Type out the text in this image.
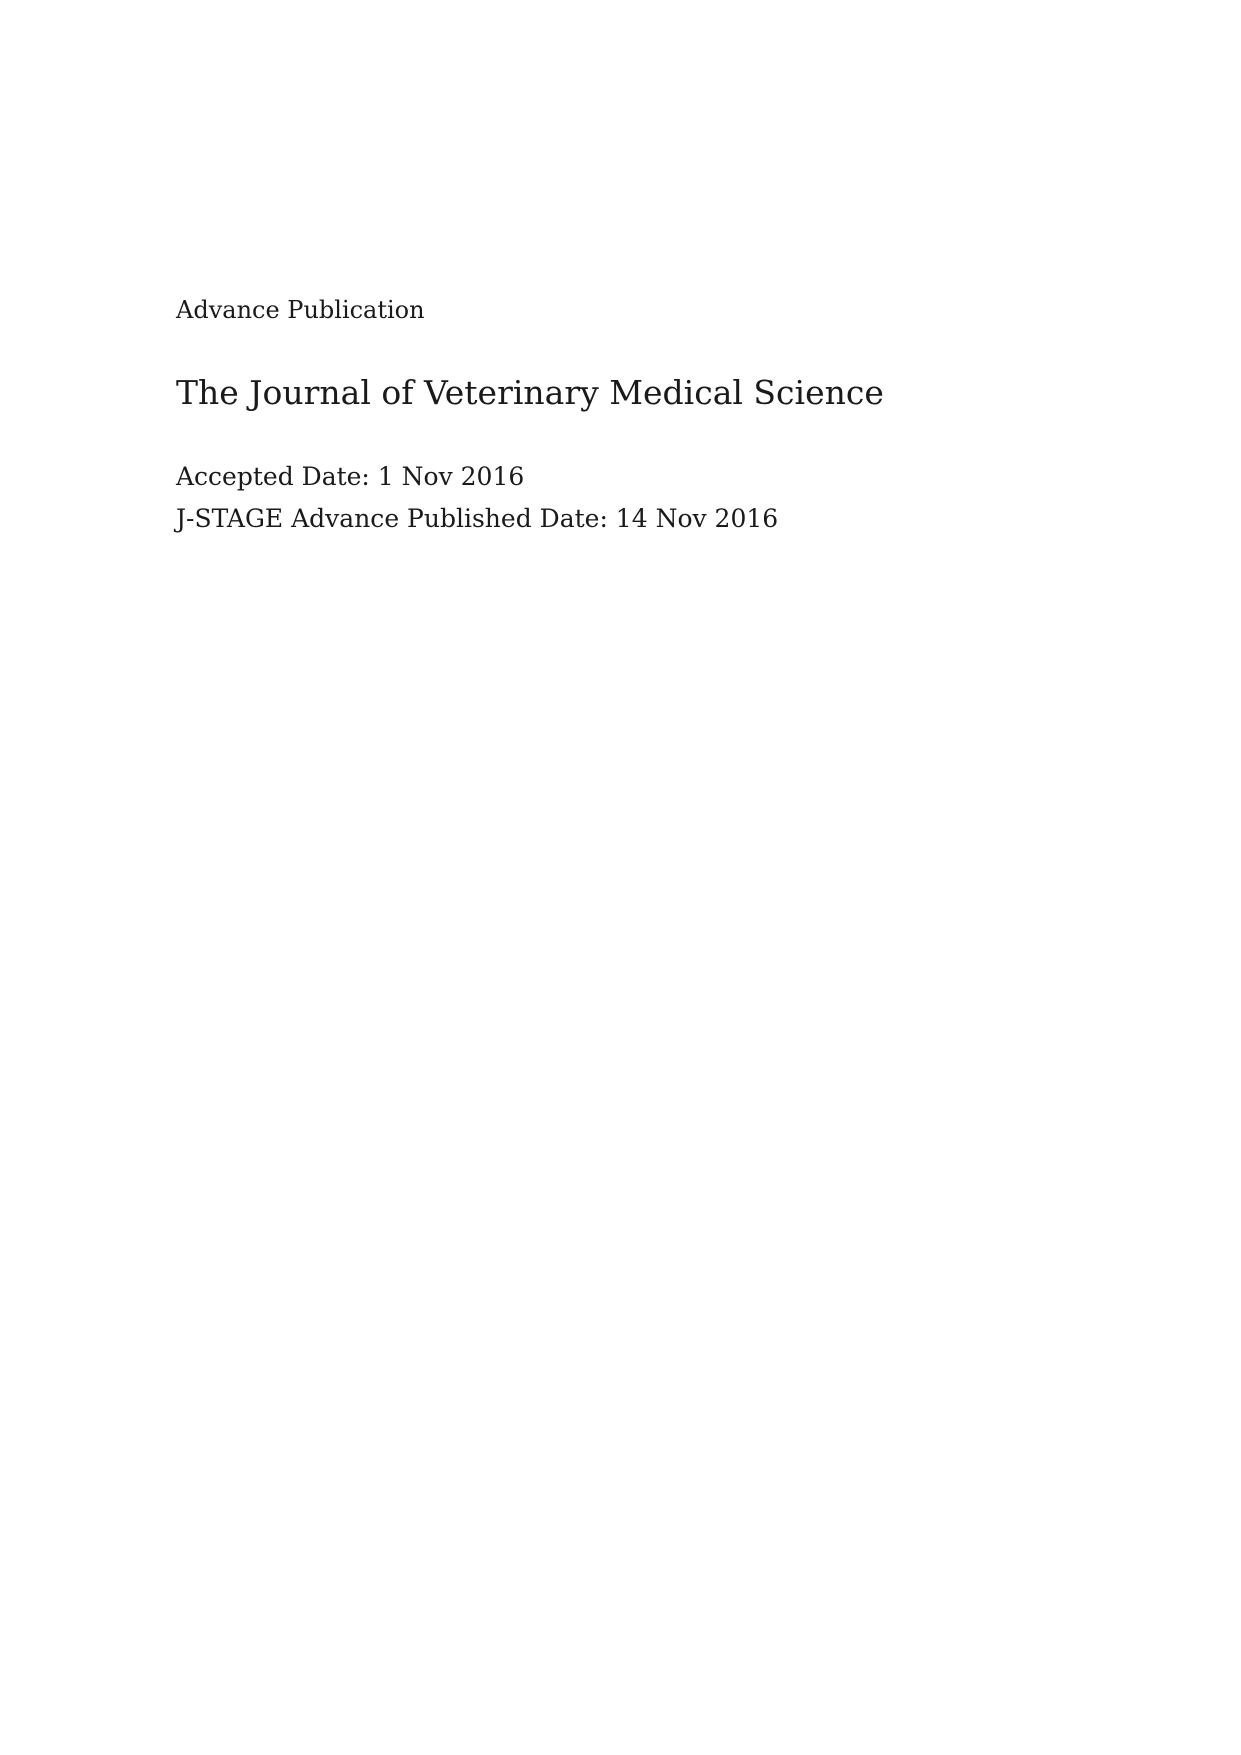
Advance Publication

The Journal of Veterinary Medical Science

Accepted Date: 1 Nov 2016

J-STAGE Advance Published Date: 14 Nov 2016
